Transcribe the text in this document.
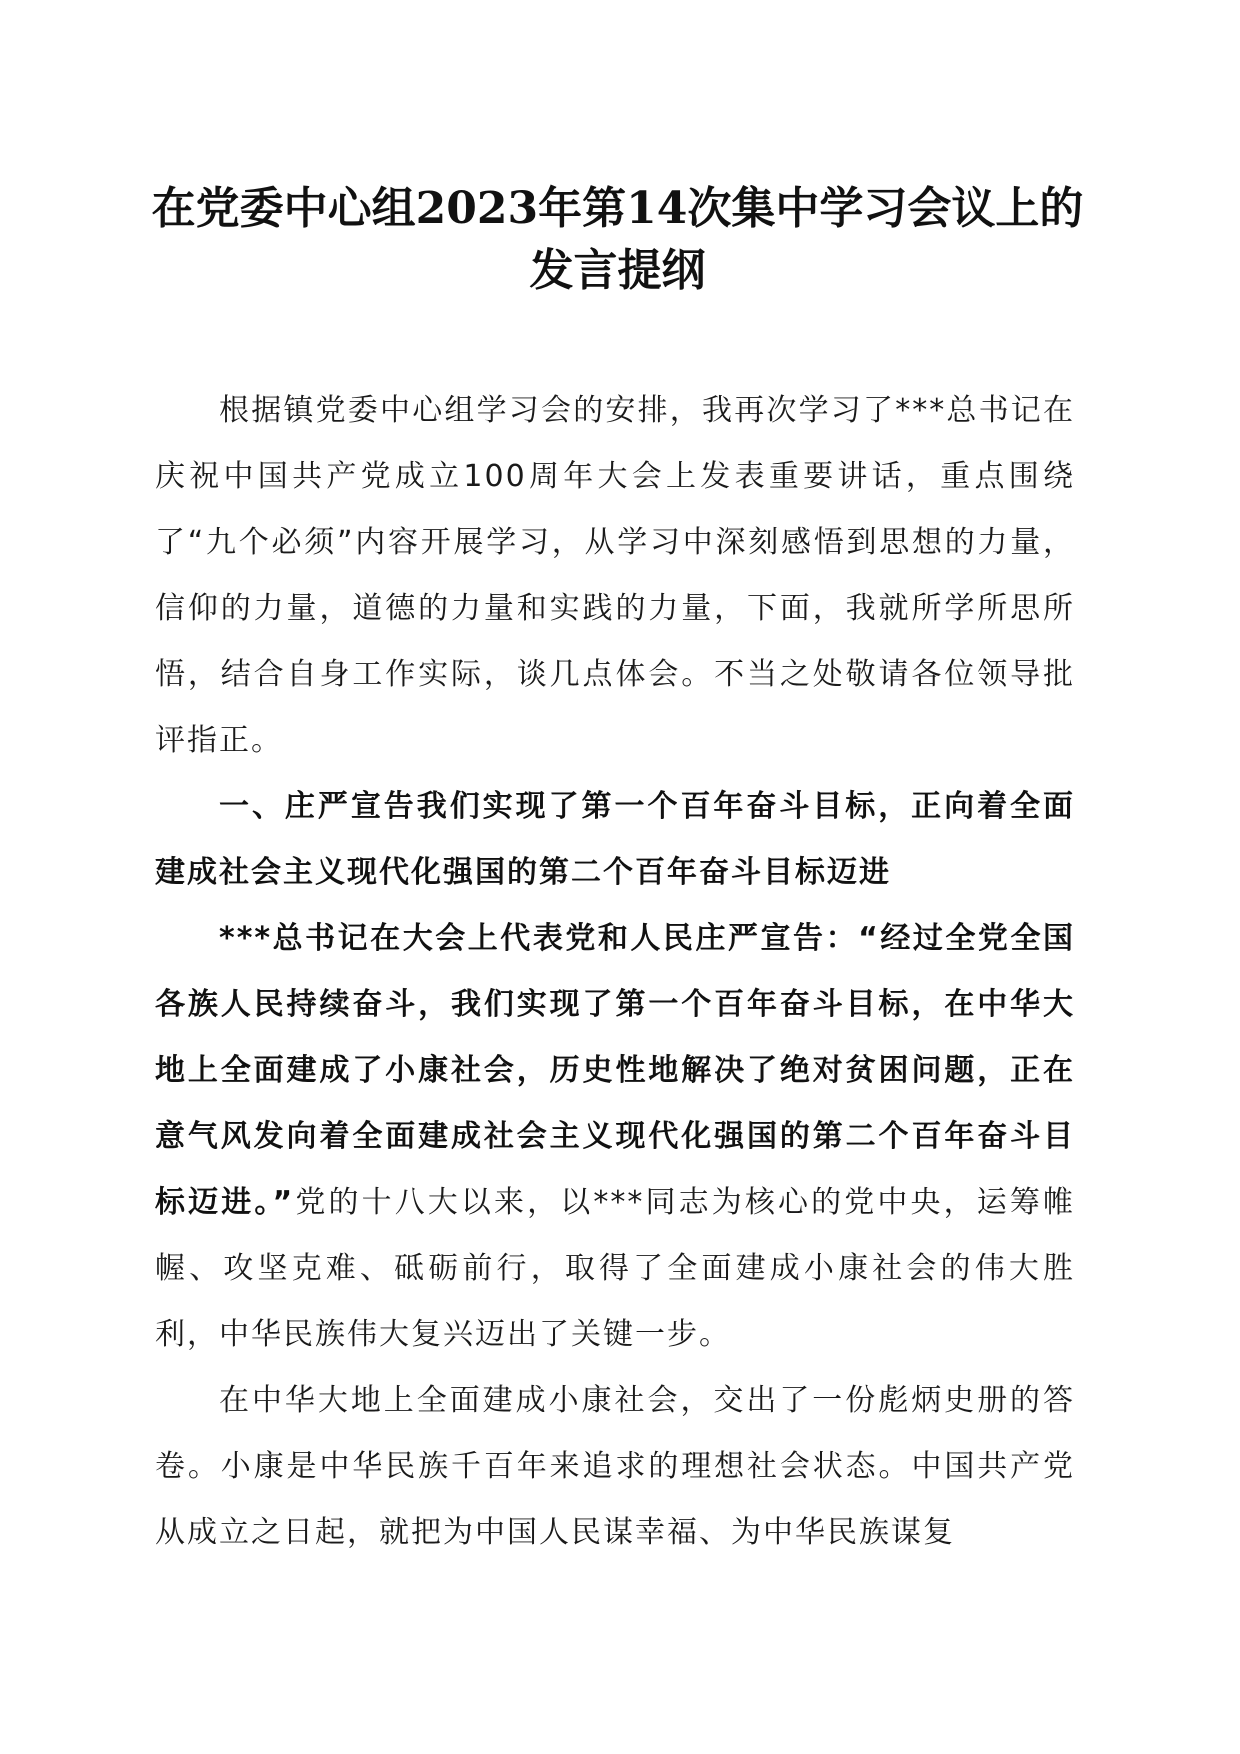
在党委中心组2023年第14次集中学习会议上的发言提纲

根据镇党委中心组学习会的安排，我再次学习了***总书记在庆祝中国共产党成立100周年大会上发表重要讲话，重点围绕了“九个必须”内容开展学习，从学习中深刻感悟到思想的力量，信仰的力量，道德的力量和实践的力量，下面，我就所学所思所悟，结合自身工作实际，谈几点体会。不当之处敬请各位领导批评指正。

一、庄严宣告我们实现了第一个百年奋斗目标，正向着全面建成社会主义现代化强国的第二个百年奋斗目标迈进

***总书记在大会上代表党和人民庄严宣告：“经过全党全国各族人民持续奋斗，我们实现了第一个百年奋斗目标，在中华大地上全面建成了小康社会，历史性地解决了绝对贫困问题，正在意气风发向着全面建成社会主义现代化强国的第二个百年奋斗目标迈进。”党的十八大以来，以***同志为核心的党中央，运筹帷幄、攻坚克难、砥砺前行，取得了全面建成小康社会的伟大胜利，中华民族伟大复兴迈出了关键一步。

在中华大地上全面建成小康社会，交出了一份彪炳史册的答卷。小康是中华民族千百年来追求的理想社会状态。中国共产党从成立之日起，就把为中国人民谋幸福、为中华民族谋复
